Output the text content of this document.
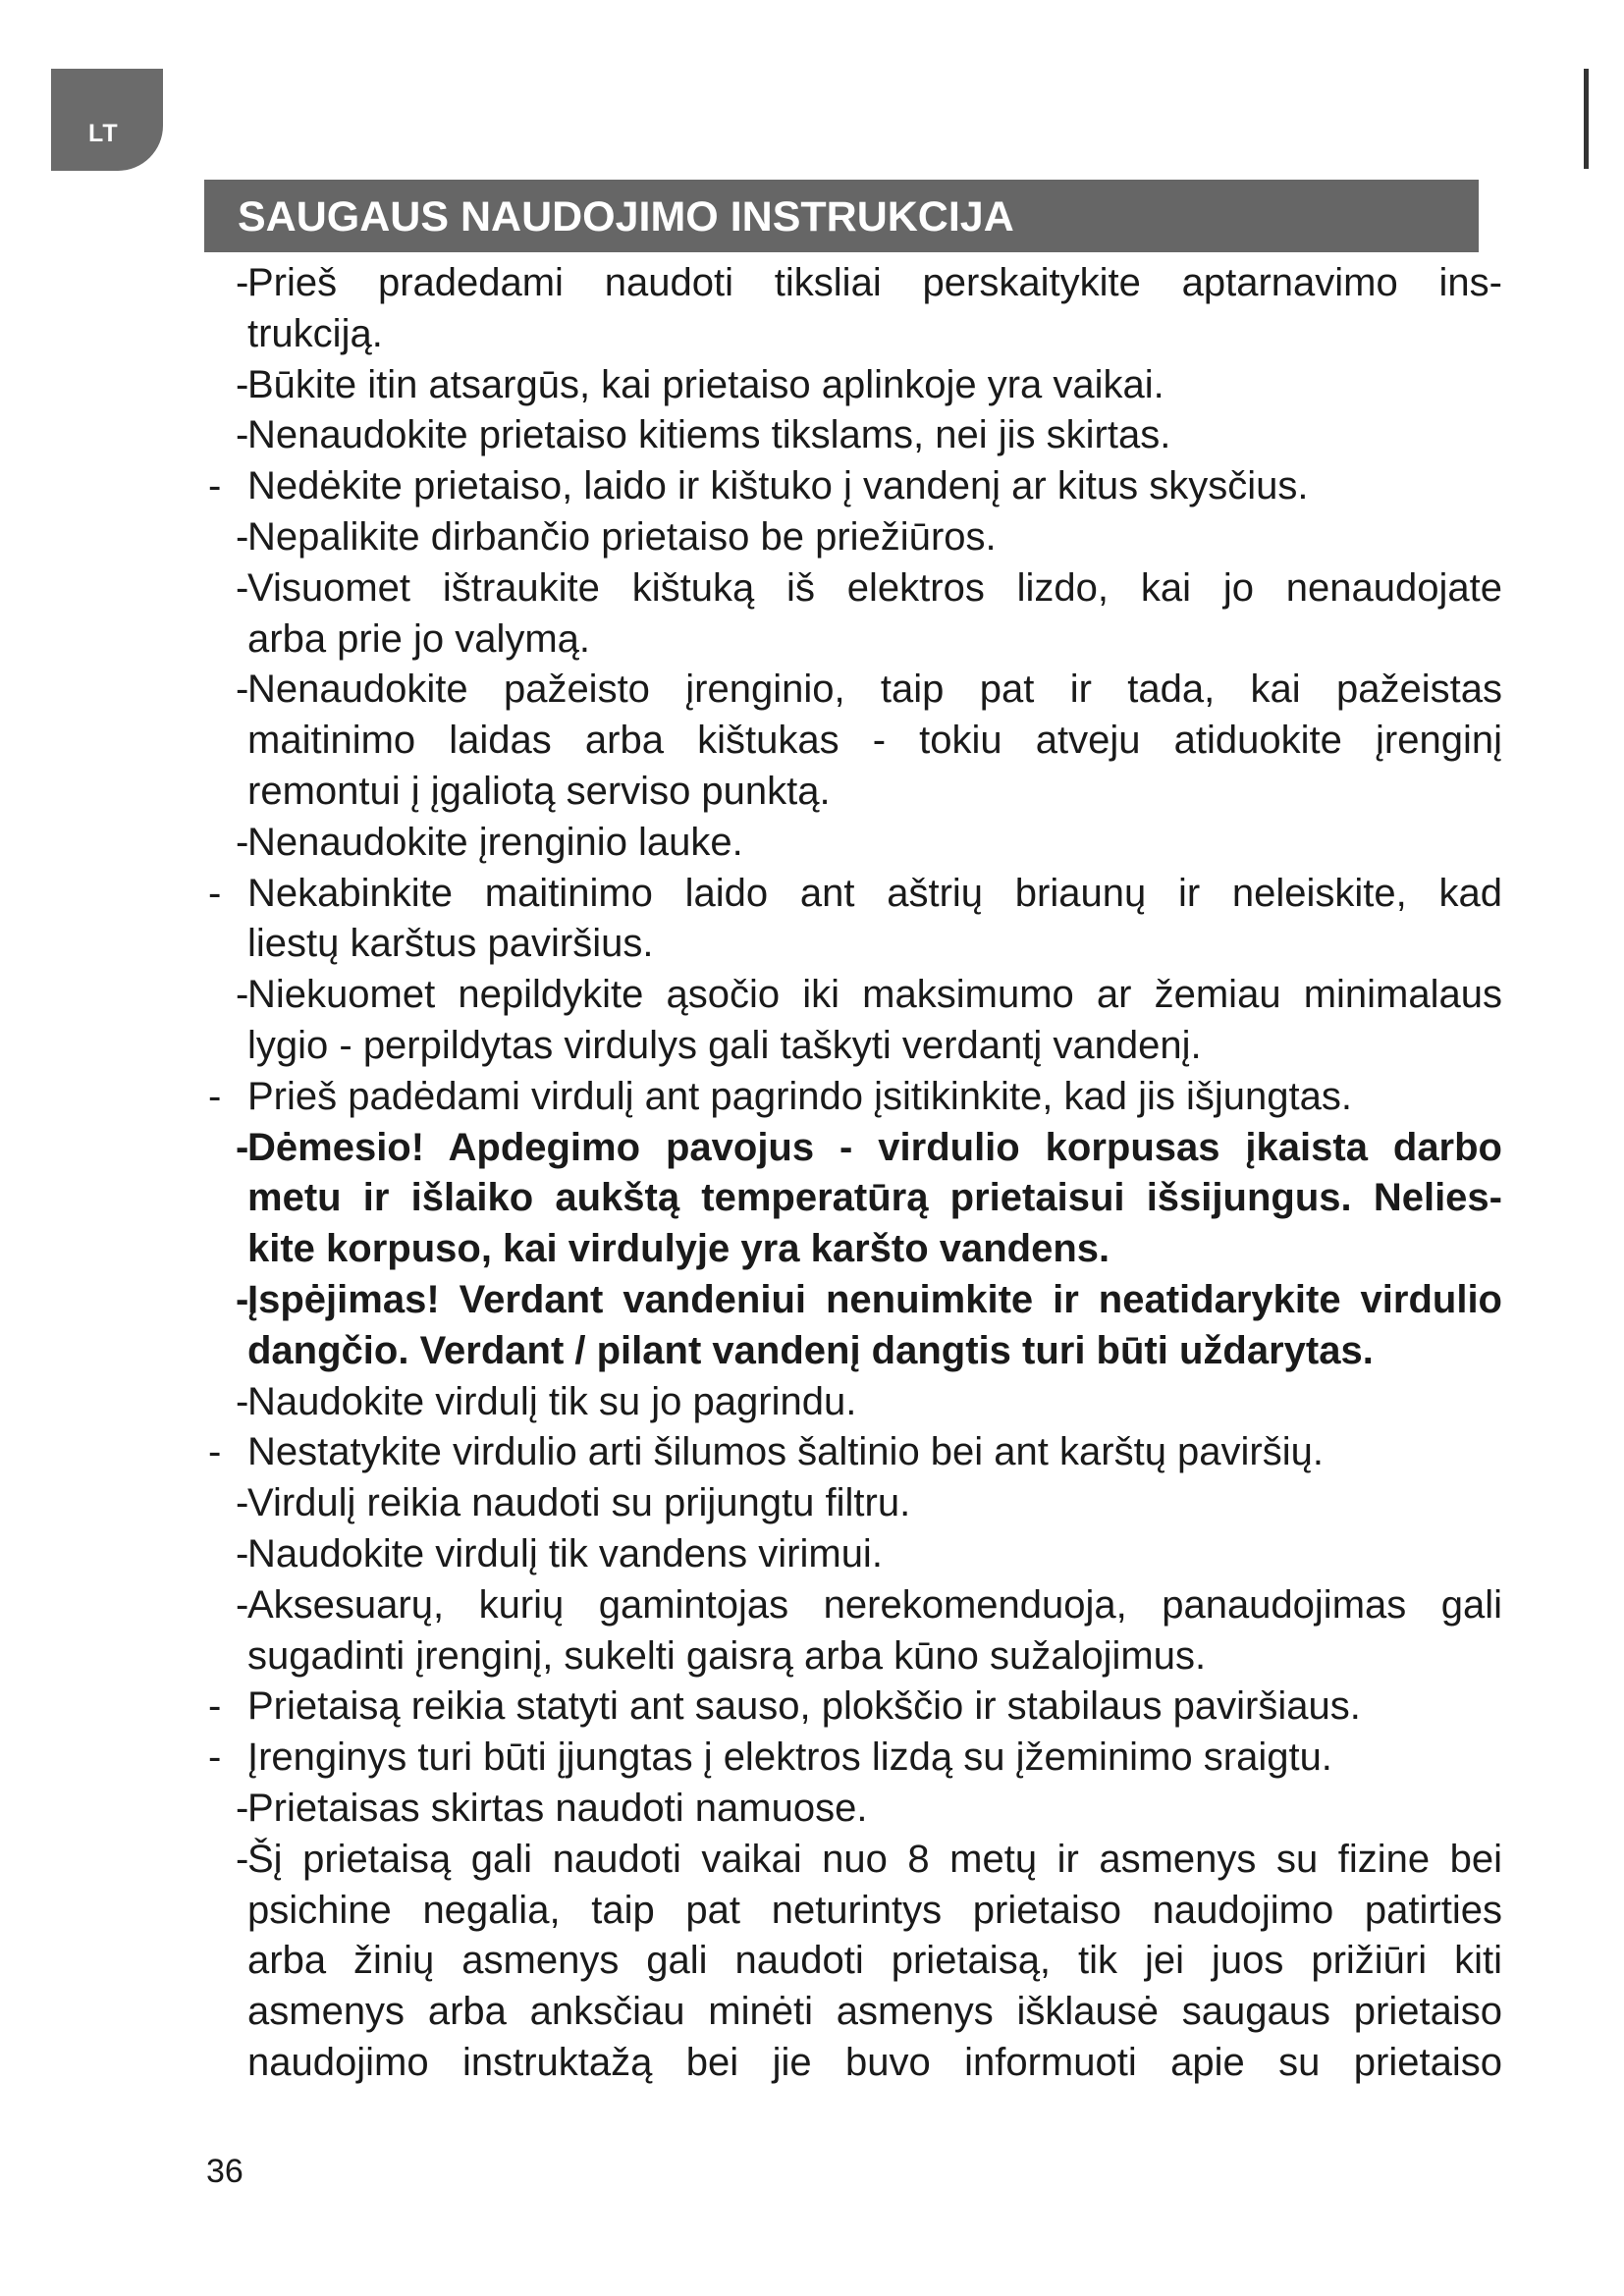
LT
SAUGAUS NAUDOJIMO INSTRUKCIJA
-
Prieš pradedami naudoti tiksliai perskaitykite aptarnavimo ins-
trukciją.
-
Būkite itin atsargūs, kai prietaiso aplinkoje yra vaikai.
-
Nenaudokite prietaiso kitiems tikslams, nei jis skirtas.
- Nedėkite prietaiso, laido ir kištuko į vandenį ar kitus skysčius.
-
Nepalikite dirbančio prietaiso be priežiūros.
-
Visuomet ištraukite kištuką iš elektros lizdo, kai jo nenaudojate
arba prie jo valymą.
-
Nenaudokite pažeisto įrenginio, taip pat ir tada, kai pažeistas
maitinimo laidas arba kištukas - tokiu atveju atiduokite įrenginį
remontui į įgaliotą serviso punktą.
-
Nenaudokite įrenginio lauke.
- Nekabinkite maitinimo laido ant aštrių briaunų ir neleiskite, kad
liestų karštus paviršius.
-
Niekuomet nepildykite ąsočio iki maksimumo ar žemiau minimalaus
lygio - perpildytas virdulys gali taškyti verdantį vandenį.
- Prieš padėdami virdulį ant pagrindo įsitikinkite, kad jis išjungtas.
-
Dėmesio! Apdegimo pavojus - virdulio korpusas įkaista darbo
metu ir išlaiko aukštą temperatūrą prietaisui išsijungus. Nelies-
kite korpuso, kai virdulyje yra karšto vandens.
-
Įspėjimas! Verdant vandeniui nenuimkite ir neatidarykite virdulio
dangčio. Verdant / pilant vandenį dangtis turi būti uždarytas.
-
Naudokite virdulį tik su jo pagrindu.
- Nestatykite virdulio arti šilumos šaltinio bei ant karštų paviršių.
-
Virdulį reikia naudoti su prijungtu filtru.
-
Naudokite virdulį tik vandens virimui.
-
Aksesuarų, kurių gamintojas nerekomenduoja, panaudojimas gali
sugadinti įrenginį, sukelti gaisrą arba kūno sužalojimus.
- Prietaisą reikia statyti ant sauso, plokščio ir stabilaus paviršiaus.
- Įrenginys turi būti įjungtas į elektros lizdą su įžeminimo sraigtu.
-
Prietaisas skirtas naudoti namuose.
-
Šį prietaisą gali naudoti vaikai nuo 8 metų ir asmenys su fizine bei
psichine negalia, taip pat neturintys prietaiso naudojimo patirties
arba žinių asmenys gali naudoti prietaisą, tik jei juos prižiūri kiti
asmenys arba anksčiau minėti asmenys išklausė saugaus prietaiso
naudojimo instruktažą bei jie buvo informuoti apie su prietaiso
36
